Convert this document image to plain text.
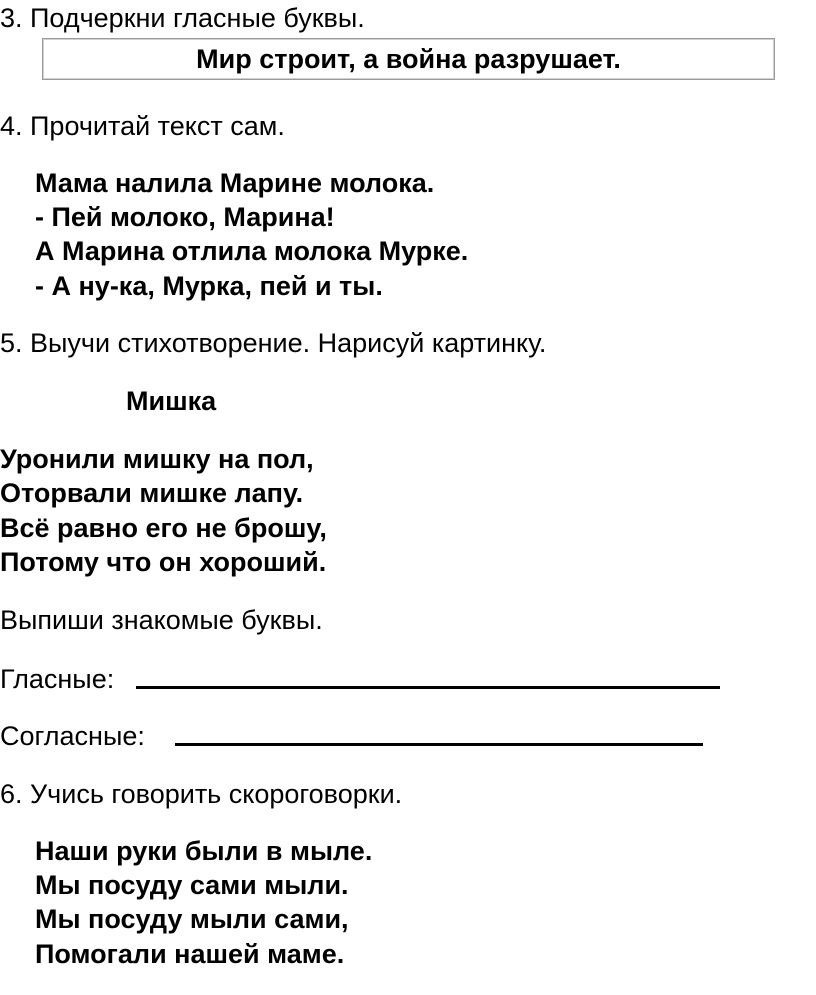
3. Подчеркни гласные буквы.
Мир строит, а война разрушает.
4. Прочитай текст сам.
Мама налила Марине молока.
- Пей молоко, Марина!
А Марина отлила молока Мурке.
- А ну-ка, Мурка, пей и ты.
5. Выучи стихотворение. Нарисуй картинку.
Мишка
Уронили мишку на пол,
Оторвали мишке лапу.
Всё равно его не брошу,
Потому что он хороший.
Выпиши знакомые буквы.
Гласные:
Согласные:
6. Учись говорить скороговорки.
Наши руки были в мыле.
Мы посуду сами мыли.
Мы посуду мыли сами,
Помогали нашей маме.
